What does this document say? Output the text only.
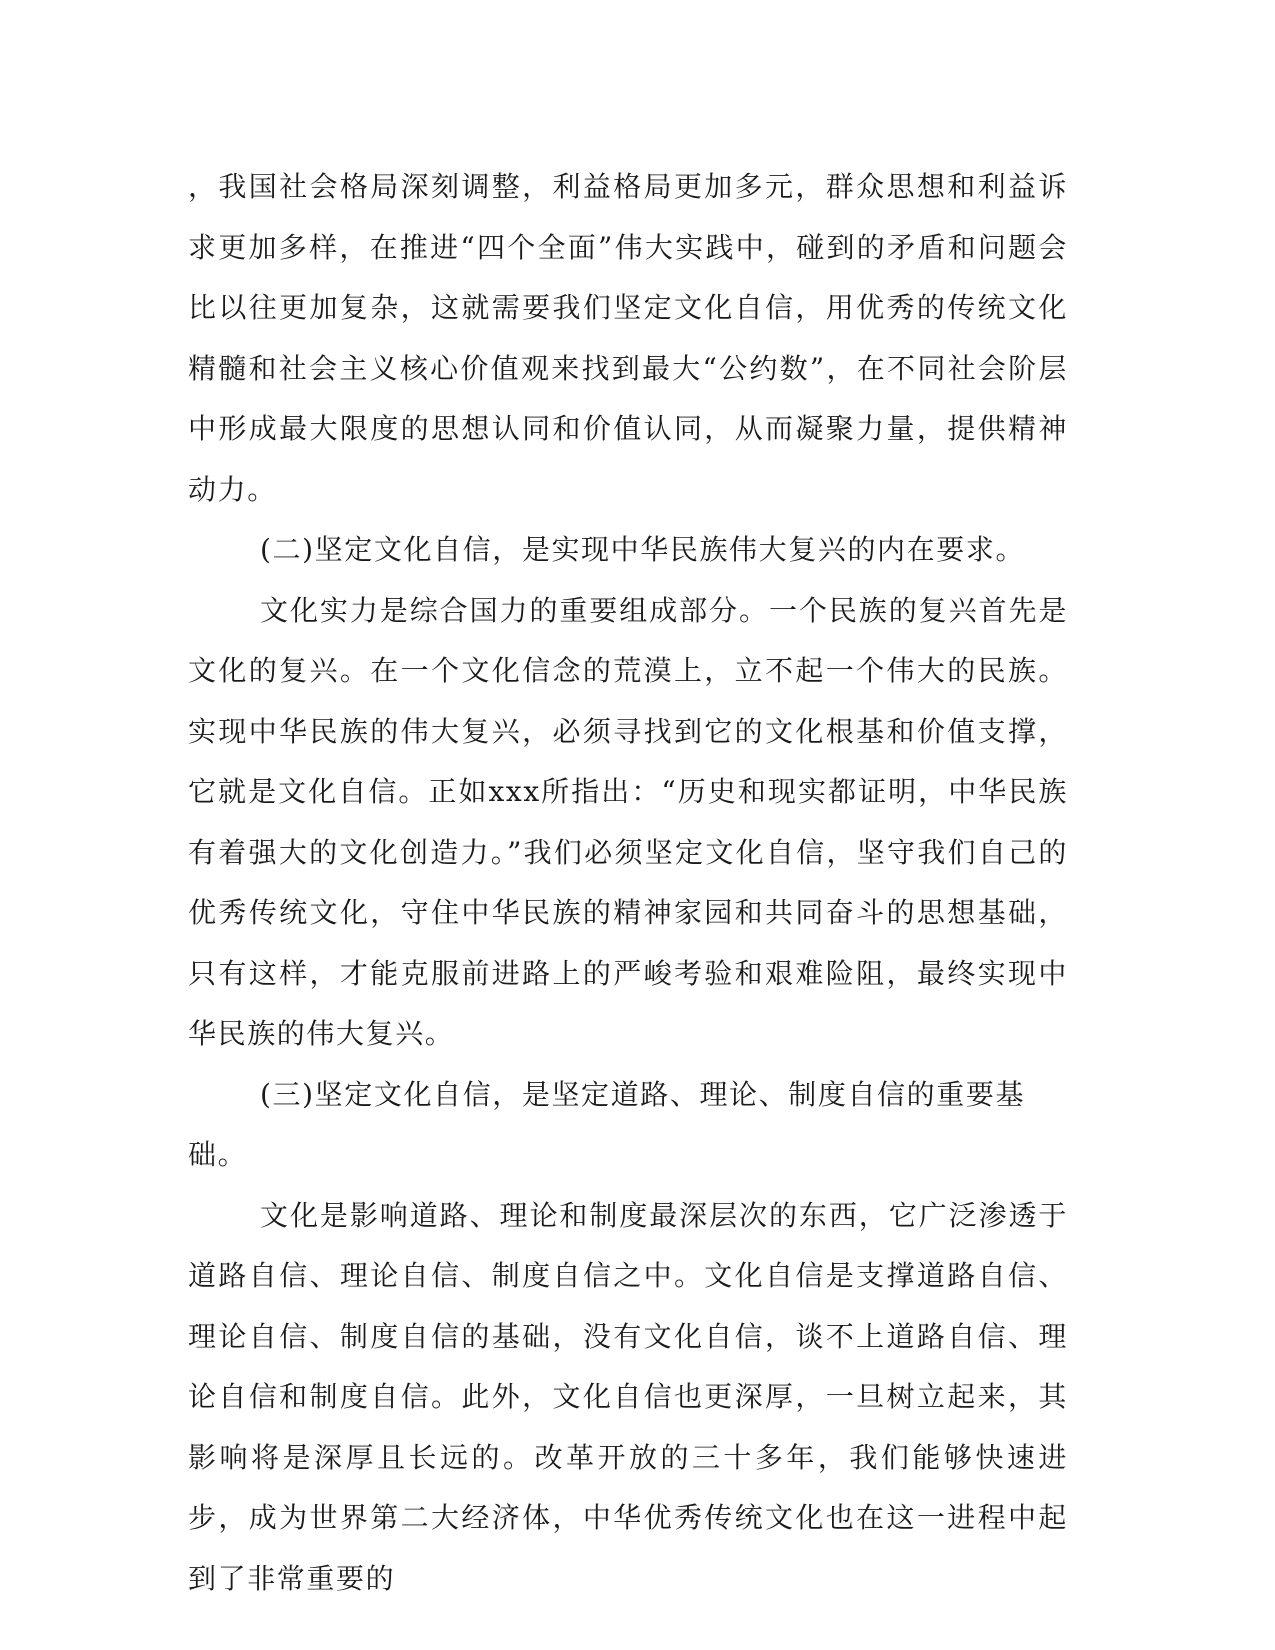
，我国社会格局深刻调整，利益格局更加多元，群众思想和利益诉求更加多样，在推进“四个全面”伟大实践中，碰到的矛盾和问题会比以往更加复杂，这就需要我们坚定文化自信，用优秀的传统文化精髓和社会主义核心价值观来找到最大“公约数”，在不同社会阶层中形成最大限度的思想认同和价值认同，从而凝聚力量，提供精神动力。

(二)坚定文化自信，是实现中华民族伟大复兴的内在要求。

文化实力是综合国力的重要组成部分。一个民族的复兴首先是文化的复兴。在一个文化信念的荒漠上，立不起一个伟大的民族。实现中华民族的伟大复兴，必须寻找到它的文化根基和价值支撑，它就是文化自信。正如xxx所指出：“历史和现实都证明，中华民族有着强大的文化创造力。”我们必须坚定文化自信，坚守我们自己的优秀传统文化，守住中华民族的精神家园和共同奋斗的思想基础，只有这样，才能克服前进路上的严峻考验和艰难险阻，最终实现中华民族的伟大复兴。

(三)坚定文化自信，是坚定道路、理论、制度自信的重要基础。

文化是影响道路、理论和制度最深层次的东西，它广泛渗透于道路自信、理论自信、制度自信之中。文化自信是支撑道路自信、理论自信、制度自信的基础，没有文化自信，谈不上道路自信、理论自信和制度自信。此外，文化自信也更深厚，一旦树立起来，其影响将是深厚且长远的。改革开放的三十多年，我们能够快速进步，成为世界第二大经济体，中华优秀传统文化也在这一进程中起到了非常重要的
